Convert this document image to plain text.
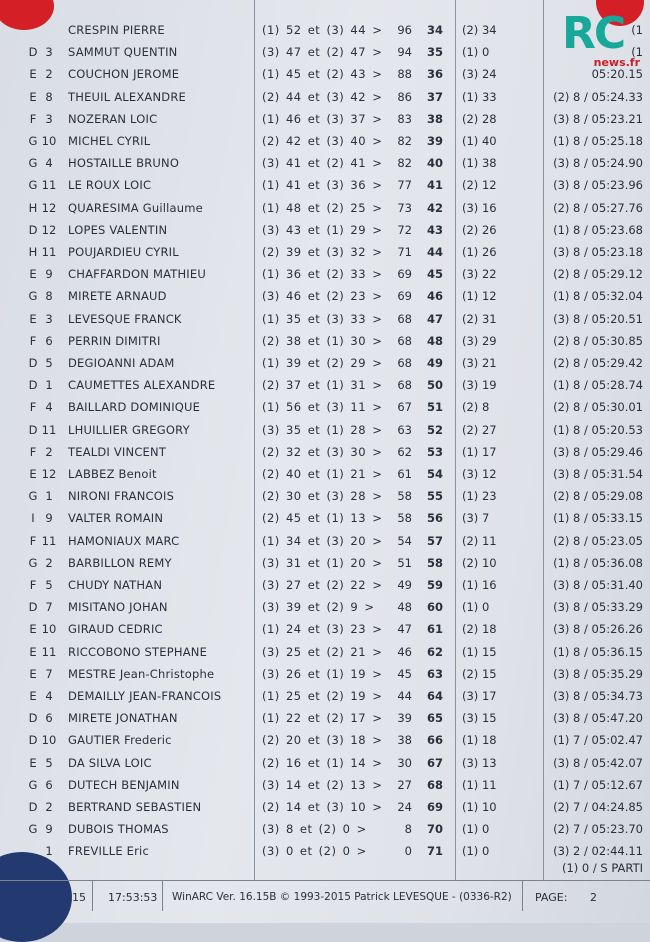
CRESPIN PIERRE	(1) 52 et (3) 44 >	96 34 (2) 34	(1
D 3	SAMMUT QUENTIN	(3) 47 et (2) 47 >	94 35 (1) 0	(1
E 2	COUCHON JEROME	(1) 45 et (2) 43 >	88 36 (3) 24	05:20.15
E 8	THEUIL ALEXANDRE	(2) 44 et (3) 42 >	86 37 (1) 33	(2) 8 / 05:24.33
F 3	NOZERAN LOIC	(1) 46 et (3) 37 >	83 38 (2) 28	(3) 8 / 05:23.21
G 10 MICHEL CYRIL	(2) 42 et (3) 40 >	82 39 (1) 40	(1) 8 / 05:25.18
G 4	HOSTAILLE BRUNO	(3) 41 et (2) 41 >	82 40 (1) 38	(3) 8 / 05:24.90
G 11 LE ROUX LOIC	(1) 41 et (3) 36 >	77 41 (2) 12	(3) 8 / 05:23.96
H 12 QUARESIMA Guillaume	(1) 48 et (2) 25 >	73 42 (3) 16	(2) 8 / 05:27.76
D 12 LOPES VALENTIN	(3) 43 et (1) 29 >	72 43 (2) 26	(1) 8 / 05:23.68
H 11 POUJARDIEU CYRIL	(2) 39 et (3) 32 >	71 44 (1) 26	(3) 8 / 05:23.18
E 9	CHAFFARDON MATHIEU	(1) 36 et (2) 33 >	69 45 (3) 22	(2) 8 / 05:29.12
G 8	MIRETE ARNAUD	(3) 46 et (2) 23 >	69 46 (1) 12	(1) 8 / 05:32.04
E 3	LEVESQUE FRANCK	(1) 35 et (3) 33 >	68 47 (2) 31	(3) 8 / 05:20.51
F 6	PERRIN DIMITRI	(2) 38 et (1) 30 >	68 48 (3) 29	(2) 8 / 05:30.85
D 5	DEGIOANNI ADAM	(1) 39 et (2) 29 >	68 49 (3) 21	(2) 8 / 05:29.42
D 1	CAUMETTES ALEXANDRE	(2) 37 et (1) 31 >	68 50 (3) 19	(1) 8 / 05:28.74
F 4	BAILLARD DOMINIQUE	(1) 56 et (3) 11 >	67 51 (2) 8	(2) 8 / 05:30.01
D 11 LHUILLIER GREGORY	(3) 35 et (1) 28 >	63 52 (2) 27	(1) 8 / 05:20.53
F 2	TEALDI VINCENT	(2) 32 et (3) 30 >	62 53 (1) 17	(3) 8 / 05:29.46
E 12 LABBEZ Benoit	(2) 40 et (1) 21 >	61 54 (3) 12	(3) 8 / 05:31.54
G 1	NIRONI FRANCOIS	(2) 30 et (3) 28 >	58 55 (1) 23	(2) 8 / 05:29.08
I 9	VALTER ROMAIN	(2) 45 et (1) 13 >	58 56 (3) 7	(1) 8 / 05:33.15
F 11 HAMONIAUX MARC	(1) 34 et (3) 20 >	54 57 (2) 11	(2) 8 / 05:23.05
G 2	BARBILLON REMY	(3) 31 et (1) 20 >	51 58 (2) 10	(1) 8 / 05:36.08
F 5	CHUDY NATHAN	(3) 27 et (2) 22 >	49 59 (1) 16	(3) 8 / 05:31.40
D 7	MISITANO JOHAN	(3) 39 et (2) 9 >	48 60 (1) 0	(3) 8 / 05:33.29
E 10 GIRAUD CEDRIC	(1) 24 et (3) 23 >	47 61 (2) 18	(3) 8 / 05:26.26
E 11 RICCOBONO STEPHANE	(3) 25 et (2) 21 >	46 62 (1) 15	(1) 8 / 05:36.15
E 7	MESTRE Jean-Christophe	(3) 26 et (1) 19 >	45 63 (2) 15	(3) 8 / 05:35.29
E 4	DEMAILLY JEAN-FRANCOIS	(1) 25 et (2) 19 >	44 64 (3) 17	(3) 8 / 05:34.73
D 6	MIRETE JONATHAN	(1) 22 et (2) 17 >	39 65 (3) 15	(3) 8 / 05:47.20
D 10 GAUTIER Frederic	(2) 20 et (3) 18 >	38 66 (1) 18	(1) 7 / 05:02.47
E 5	DA SILVA LOIC	(2) 16 et (1) 14 >	30 67 (3) 13	(3) 8 / 05:42.07
G 6	DUTECH BENJAMIN	(3) 14 et (2) 13 >	27 68 (1) 11	(1) 7 / 05:12.67
D 2	BERTRAND SEBASTIEN	(2) 14 et (3) 10 >	24 69 (1) 10	(2) 7 / 04:24.85
G 9	DUBOIS THOMAS	(3) 8 et (2) 0 >	8 70 (1) 0	(2) 7 / 05:23.70
1	FREVILLE Eric	(3) 0 et (2) 0 >	0 71 (1) 0	(3) 2 / 02:44.11
(1) 0 / S PARTI
RC
news.fr
15 17:53:53 WinARC Ver. 16.15B © 1993-2015 Patrick LEVESQUE - (0336-R2) PAGE: 2
